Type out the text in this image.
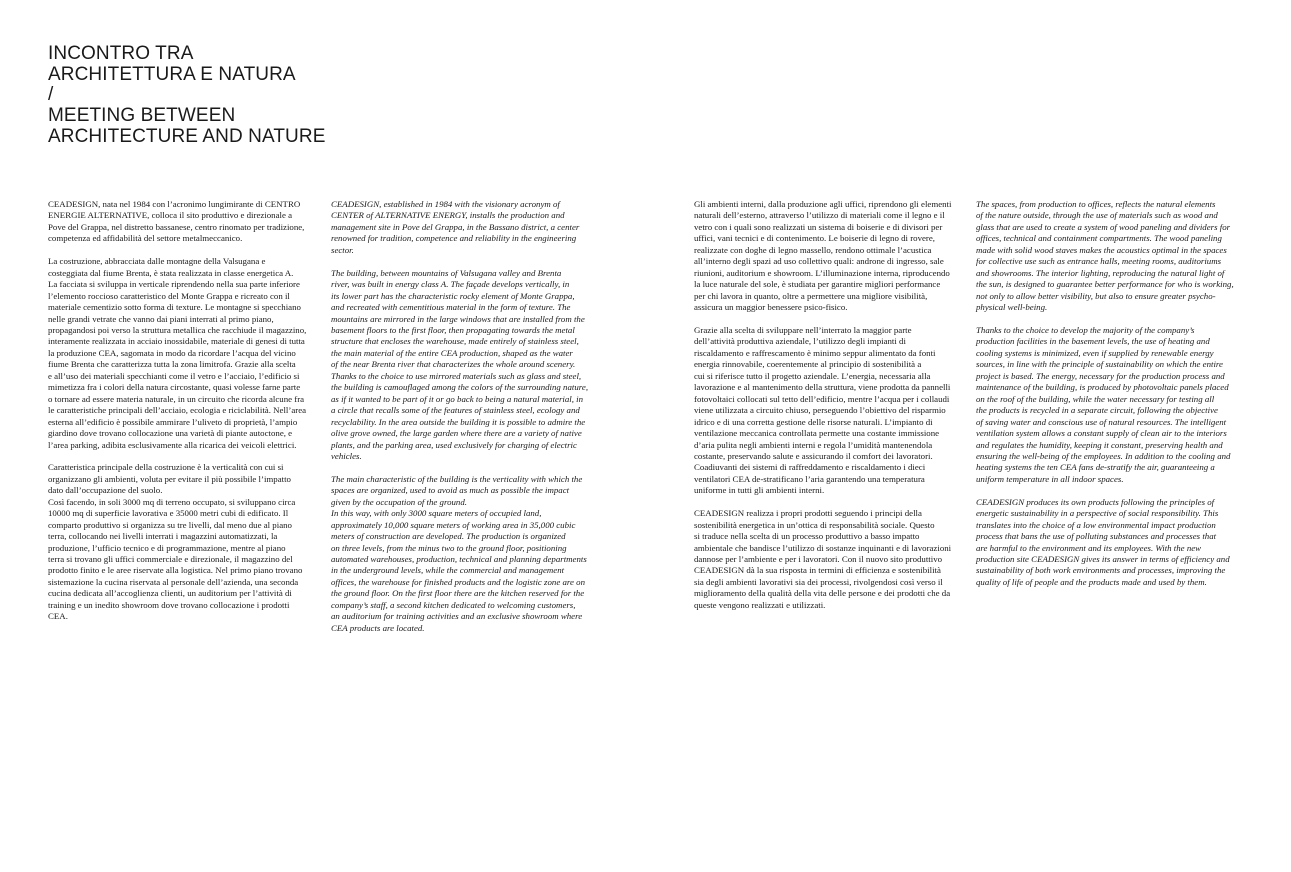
INCONTRO TRA
ARCHITETTURA E NATURA
/
MEETING BETWEEN
ARCHITECTURE AND NATURE

CEADESIGN, nata nel 1984 con l’acronimo lungimirante di CENTRO
ENERGIE ALTERNATIVE, colloca il sito produttivo e direzionale a
Pove del Grappa, nel distretto bassanese, centro rinomato per tradizione,
competenza ed affidabilità del settore metalmeccanico.

La costruzione, abbracciata dalle montagne della Valsugana e
costeggiata dal fiume Brenta, è stata realizzata in classe energetica A.
La facciata si sviluppa in verticale riprendendo nella sua parte inferiore
l’elemento roccioso caratteristico del Monte Grappa e ricreato con il
materiale cementizio sotto forma di texture. Le montagne si specchiano
nelle grandi vetrate che vanno dai piani interrati al primo piano,
propagandosi poi verso la struttura metallica che racchiude il magazzino,
interamente realizzata in acciaio inossidabile, materiale di genesi di tutta
la produzione CEA, sagomata in modo da ricordare l’acqua del vicino
fiume Brenta che caratterizza tutta la zona limitrofa. Grazie alla scelta
e all’uso dei materiali specchianti come il vetro e l’acciaio, l’edificio si
mimetizza fra i colori della natura circostante, quasi volesse farne parte
o tornare ad essere materia naturale, in un circuito che ricorda alcune fra
le caratteristiche principali dell’acciaio, ecologia e riciclabilità. Nell’area
esterna all’edificio è possibile ammirare l’uliveto di proprietà, l’ampio
giardino dove trovano collocazione una varietà di piante autoctone, e
l’area parking, adibita esclusivamente alla ricarica dei veicoli elettrici.

Caratteristica principale della costruzione è la verticalità con cui si
organizzano gli ambienti, voluta per evitare il più possibile l’impatto
dato dall’occupazione del suolo.

Così facendo, in soli 3000 mq di terreno occupato, si sviluppano circa
10000 mq di superficie lavorativa e 35000 metri cubi di edificato. Il
comparto produttivo si organizza su tre livelli, dal meno due al piano
terra, collocando nei livelli interrati i magazzini automatizzati, la
produzione, l’ufficio tecnico e di programmazione, mentre al piano
terra si trovano gli uffici commerciale e direzionale, il magazzino del
prodotto finito e le aree riservate alla logistica. Nel primo piano trovano
sistemazione la cucina riservata al personale dell’azienda, una seconda
cucina dedicata all’accoglienza clienti, un auditorium per l’attività di
training e un inedito showroom dove trovano collocazione i prodotti
CEA.

CEADESIGN, established in 1984 with the visionary acronym of
CENTER of ALTERNATIVE ENERGY, installs the production and
management site in Pove del Grappa, in the Bassano district, a center
renowned for tradition, competence and reliability in the engineering
sector.

The building, between mountains of Valsugana valley and Brenta
river, was built in energy class A. The façade develops vertically, in
its lower part has the characteristic rocky element of Monte Grappa,
and recreated with cementitious material in the form of texture. The
mountains are mirrored in the large windows that are installed from the
basement floors to the first floor, then propagating towards the metal
structure that encloses the warehouse, made entirely of stainless steel,
the main material of the entire CEA production, shaped as the water
of the near Brenta river that characterizes the whole around scenery.
Thanks to the choice to use mirrored materials such as glass and steel,
the building is camouflaged among the colors of the surrounding nature,
as if it wanted to be part of it or go back to being a natural material, in
a circle that recalls some of the features of stainless steel, ecology and
recyclability. In the area outside the building it is possible to admire the
olive grove owned, the large garden where there are a variety of native
plants, and the parking area, used exclusively for charging of electric
vehicles.

The main characteristic of the building is the verticality with which the
spaces are organized, used to avoid as much as possible the impact
given by the occupation of the ground.

In this way, with only 3000 square meters of occupied land,
approximately 10,000 square meters of working area in 35,000 cubic
meters of construction are developed. The production is organized
on three levels, from the minus two to the ground floor, positioning
automated warehouses, production, technical and planning departments
in the underground levels, while the commercial and management
offices, the warehouse for finished products and the logistic zone are on
the ground floor. On the first floor there are the kitchen reserved for the
company’s staff, a second kitchen dedicated to welcoming customers,
an auditorium for training activities and an exclusive showroom where
CEA products are located.

Gli ambienti interni, dalla produzione agli uffici, riprendono gli elementi
naturali dell’esterno, attraverso l’utilizzo di materiali come il legno e il
vetro con i quali sono realizzati un sistema di boiserie e di divisori per
uffici, vani tecnici e di contenimento. Le boiserie di legno di rovere,
realizzate con doghe di legno massello, rendono ottimale l’acustica
all’interno degli spazi ad uso collettivo quali: androne di ingresso, sale
riunioni, auditorium e showroom. L’illuminazione interna, riproducendo
la luce naturale del sole, è studiata per garantire migliori performance
per chi lavora in quanto, oltre a permettere una migliore visibilità,
assicura un maggior benessere psico-fisico.

Grazie alla scelta di sviluppare nell’interrato la maggior parte
dell’attività produttiva aziendale, l’utilizzo degli impianti di
riscaldamento e raffrescamento è minimo seppur alimentato da fonti
energia rinnovabile, coerentemente al principio di sostenibilità a
cui si riferisce tutto il progetto aziendale. L’energia, necessaria alla
lavorazione e al mantenimento della struttura, viene prodotta da pannelli
fotovoltaici collocati sul tetto dell’edificio, mentre l’acqua per i collaudi
viene utilizzata a circuito chiuso, perseguendo l’obiettivo del risparmio
idrico e di una corretta gestione delle risorse naturali. L’impianto di
ventilazione meccanica controllata permette una costante immissione
d’aria pulita negli ambienti interni e regola l’umidità mantenendola
costante, preservando salute e assicurando il comfort dei lavoratori.
Coadiuvanti dei sistemi di raffreddamento e riscaldamento i dieci
ventilatori CEA de-stratificano l’aria garantendo una temperatura
uniforme in tutti gli ambienti interni.

CEADESIGN realizza i propri prodotti seguendo i principi della
sostenibilità energetica in un’ottica di responsabilità sociale. Questo
si traduce nella scelta di un processo produttivo a basso impatto
ambientale che bandisce l’utilizzo di sostanze inquinanti e di lavorazioni
dannose per l’ambiente e per i lavoratori. Con il nuovo sito produttivo
CEADESIGN dà la sua risposta in termini di efficienza e sostenibilità
sia degli ambienti lavorativi sia dei processi, rivolgendosi così verso il
miglioramento della qualità della vita delle persone e dei prodotti che da
queste vengono realizzati e utilizzati.

The spaces, from production to offices, reflects the natural elements
of the nature outside, through the use of materials such as wood and
glass that are used to create a system of wood paneling and dividers for
offices, technical and containment compartments. The wood paneling
made with solid wood staves makes the acoustics optimal in the spaces
for collective use such as entrance halls, meeting rooms, auditoriums
and showrooms. The interior lighting, reproducing the natural light of
the sun, is designed to guarantee better performance for who is working,
not only to allow better visibility, but also to ensure greater psycho-
physical well-being.

Thanks to the choice to develop the majority of the company’s
production facilities in the basement levels, the use of heating and
cooling systems is minimized, even if supplied by renewable energy
sources, in line with the principle of sustainability on which the entire
project is based. The energy, necessary for the production process and
maintenance of the building, is produced by photovoltaic panels placed
on the roof of the building, while the water necessary for testing all
the products is recycled in a separate circuit, following the objective
of saving water and conscious use of natural resources. The intelligent
ventilation system allows a constant supply of clean air to the interiors
and regulates the humidity, keeping it constant, preserving health and
ensuring the well-being of the employees. In addition to the cooling and
heating systems the ten CEA fans de-stratify the air, guaranteeing a
uniform temperature in all indoor spaces.

CEADESIGN produces its own products following the principles of
energetic sustainability in a perspective of social responsibility. This
translates into the choice of a low environmental impact production
process that bans the use of polluting substances and processes that
are harmful to the environment and its employees. With the new
production site CEADESIGN gives its answer in terms of efficiency and
sustainability of both work environments and processes, improving the
quality of life of people and the products made and used by them.
